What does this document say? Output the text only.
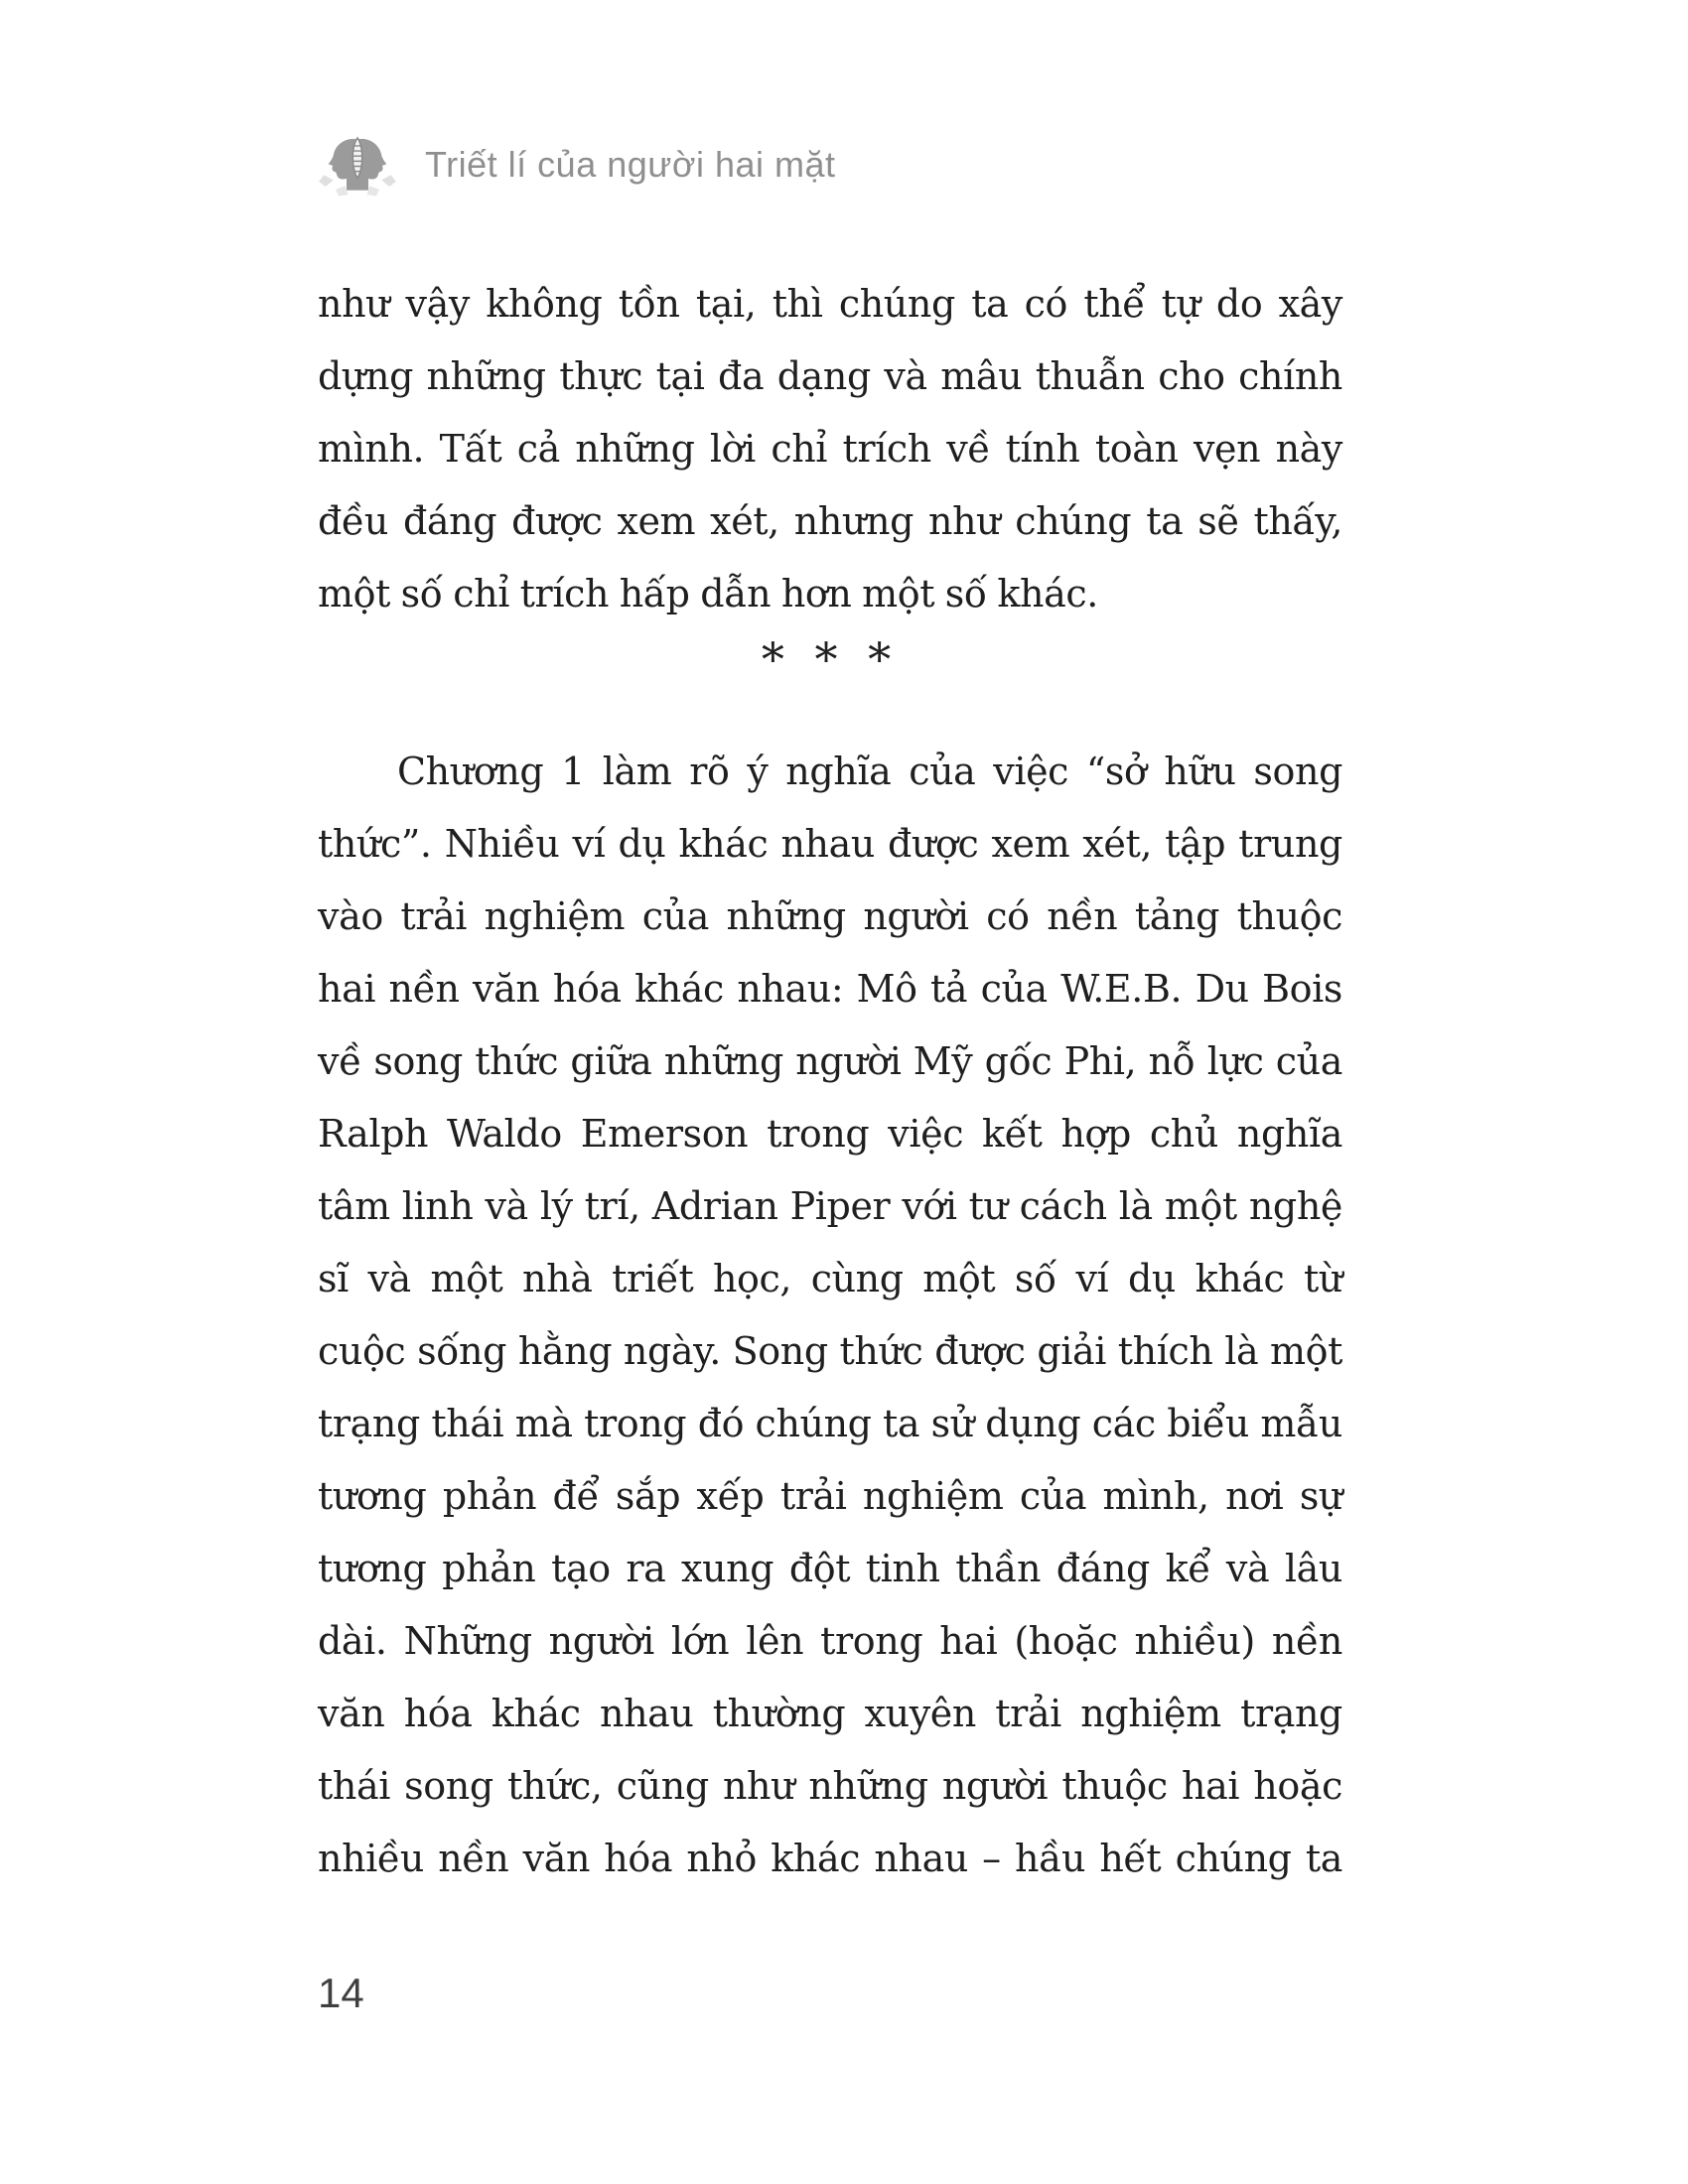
Triết lí của người hai mặt
như vậy không tồn tại, thì chúng ta có thể tự do xây
dựng những thực tại đa dạng và mâu thuẫn cho chính
mình. Tất cả những lời chỉ trích về tính toàn vẹn này
đều đáng được xem xét, nhưng như chúng ta sẽ thấy,
một số chỉ trích hấp dẫn hơn một số khác.
* * *
Chương 1 làm rõ ý nghĩa của việc “sở hữu song
thức”. Nhiều ví dụ khác nhau được xem xét, tập trung
vào trải nghiệm của những người có nền tảng thuộc
hai nền văn hóa khác nhau: Mô tả của W.E.B. Du Bois
về song thức giữa những người Mỹ gốc Phi, nỗ lực của
Ralph Waldo Emerson trong việc kết hợp chủ nghĩa
tâm linh và lý trí, Adrian Piper với tư cách là một nghệ
sĩ và một nhà triết học, cùng một số ví dụ khác từ
cuộc sống hằng ngày. Song thức được giải thích là một
trạng thái mà trong đó chúng ta sử dụng các biểu mẫu
tương phản để sắp xếp trải nghiệm của mình, nơi sự
tương phản tạo ra xung đột tinh thần đáng kể và lâu
dài. Những người lớn lên trong hai (hoặc nhiều) nền
văn hóa khác nhau thường xuyên trải nghiệm trạng
thái song thức, cũng như những người thuộc hai hoặc
nhiều nền văn hóa nhỏ khác nhau – hầu hết chúng ta
14
